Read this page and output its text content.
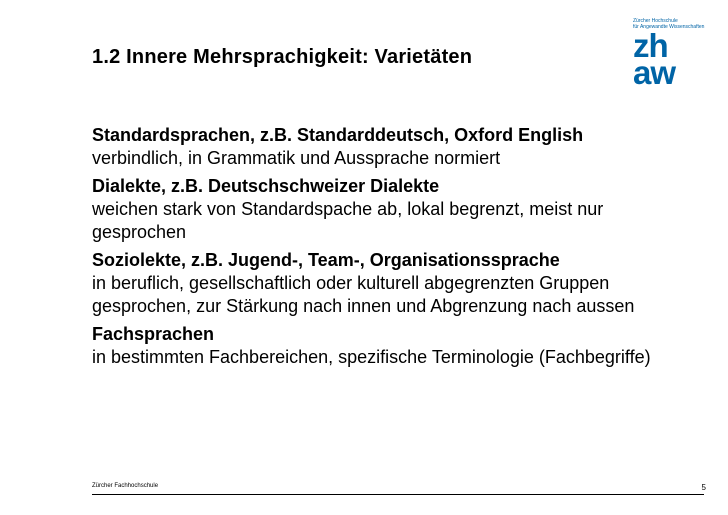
1.2 Innere Mehrsprachigkeit: Varietäten
Zürcher Hochschule
für Angewandte Wissenschaften
zh
aw
Standardsprachen, z.B. Standarddeutsch, Oxford English
verbindlich, in Grammatik und Aussprache normiert
Dialekte, z.B. Deutschschweizer Dialekte
weichen stark von Standardspache ab, lokal begrenzt, meist nur gesprochen
Soziolekte, z.B. Jugend-, Team-, Organisationssprache
in beruflich, gesellschaftlich oder kulturell abgegrenzten Gruppen gesprochen, zur Stärkung nach innen und Abgrenzung nach aussen
Fachsprachen
in bestimmten Fachbereichen, spezifische Terminologie (Fachbegriffe)
Zürcher Fachhochschule	5
